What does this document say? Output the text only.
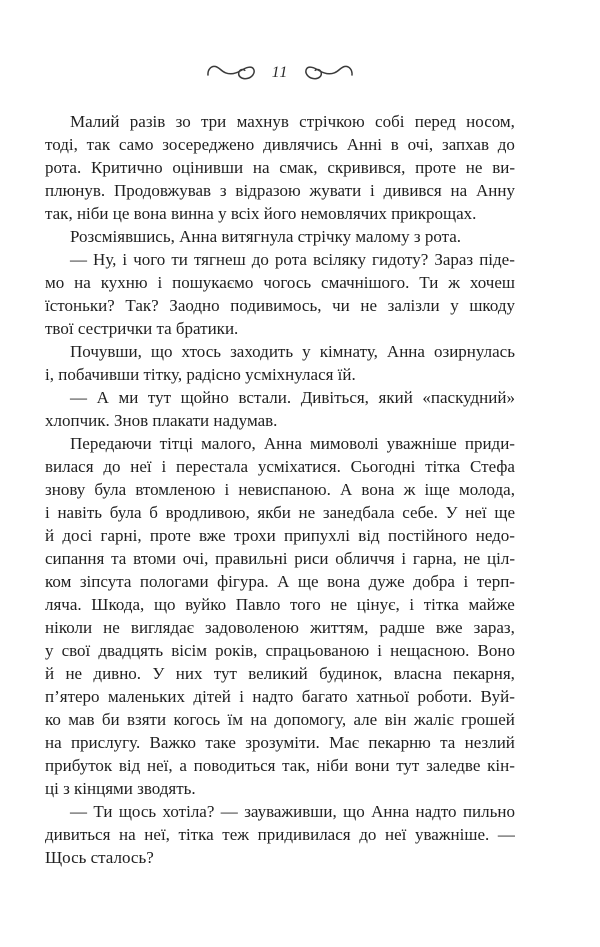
11
Малий разів зо три махнув стрічкою собі перед носом,
тоді, так само зосереджено дивлячись Анні в очі, запхав до
рота. Критично оцінивши на смак, скривився, проте не ви-
плюнув. Продовжував з відразою жувати і дивився на Анну
так, ніби це вона винна у всіх його немовлячих прикрощах.
Розсміявшись, Анна витягнула стрічку малому з рота.
— Ну, і чого ти тягнеш до рота всіляку гидоту? Зараз піде-
мо на кухню і пошукаємо чогось смачнішого. Ти ж хочеш
їстоньки? Так? Заодно подивимось, чи не залізли у шкоду
твої сестрички та братики.
Почувши, що хтось заходить у кімнату, Анна озирнулась
і, побачивши тітку, радісно усміхнулася їй.
— А ми тут щойно встали. Дивіться, який «паскудний»
хлопчик. Знов плакати надумав.
Передаючи тітці малого, Анна мимоволі уважніше приди-
вилася до неї і перестала усміхатися. Сьогодні тітка Стефа
знову була втомленою і невиспаною. А вона ж іще молода,
і навіть була б вродливою, якби не занедбала себе. У неї ще
й досі гарні, проте вже трохи припухлі від постійного недо-
сипання та втоми очі, правильні риси обличчя і гарна, не ціл-
ком зіпсута пологами фігура. А ще вона дуже добра і терп-
ляча. Шкода, що вуйко Павло того не цінує, і тітка майже
ніколи не виглядає задоволеною життям, радше вже зараз,
у свої двадцять вісім років, спрацьованою і нещасною. Воно
й не дивно. У них тут великий будинок, власна пекарня,
п’ятеро маленьких дітей і надто багато хатньої роботи. Вуй-
ко мав би взяти когось їм на допомогу, але він жаліє грошей
на прислугу. Важко таке зрозуміти. Має пекарню та незлий
прибуток від неї, а поводиться так, ніби вони тут заледве кін-
ці з кінцями зводять.
— Ти щось хотіла? — зауваживши, що Анна надто пильно
дивиться на неї, тітка теж придивилася до неї уважніше. —
Щось сталось?
